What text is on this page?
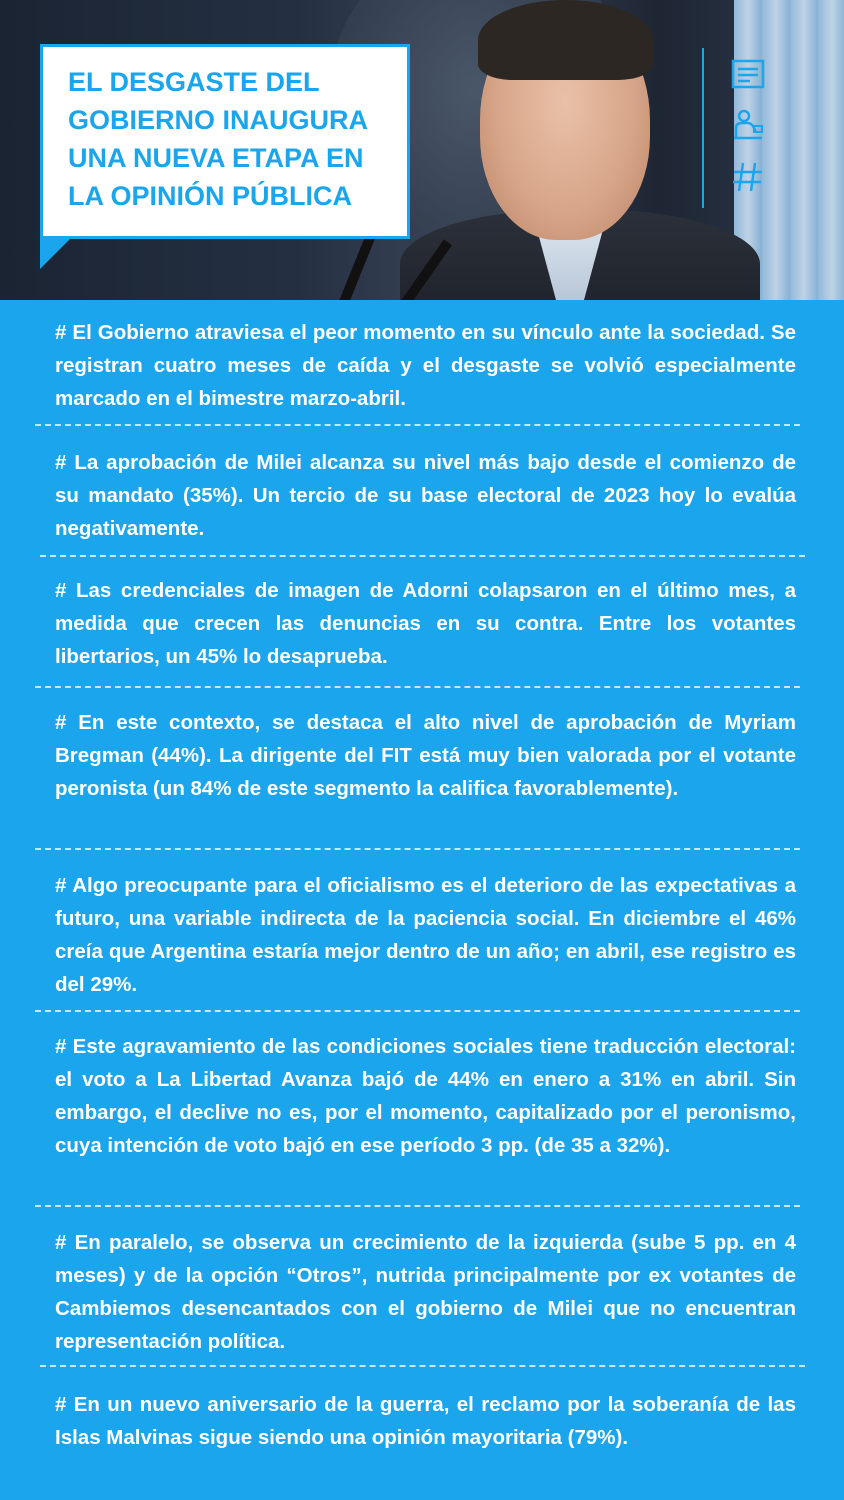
EL DESGASTE DEL
GOBIERNO INAUGURA
UNA NUEVA ETAPA EN
LA OPINIÓN PÚBLICA

# El Gobierno atraviesa el peor momento en su vínculo ante la sociedad. Se registran cuatro meses de caída y el desgaste se volvió especialmente marcado en el bimestre marzo-abril.

# La aprobación de Milei alcanza su nivel más bajo desde el comienzo de su mandato (35%). Un tercio de su base electoral de 2023 hoy lo evalúa negativamente.

# Las credenciales de imagen de Adorni colapsaron en el último mes, a medida que crecen las denuncias en su contra. Entre los votantes libertarios, un 45% lo desaprueba.

# En este contexto, se destaca el alto nivel de aprobación de Myriam Bregman (44%). La dirigente del FIT está muy bien valorada por el votante peronista (un 84% de este segmento la califica favorablemente).

# Algo preocupante para el oficialismo es el deterioro de las expectativas a futuro, una variable indirecta de la paciencia social. En diciembre el 46% creía que Argentina estaría mejor dentro de un año; en abril, ese registro es del 29%.

# Este agravamiento de las condiciones sociales tiene traducción electoral: el voto a La Libertad Avanza bajó de 44% en enero a 31% en abril. Sin embargo, el declive no es, por el momento, capitalizado por el peronismo, cuya intención de voto bajó en ese período 3 pp. (de 35 a 32%).

# En paralelo, se observa un crecimiento de la izquierda (sube 5 pp. en 4 meses) y de la opción “Otros”, nutrida principalmente por ex votantes de Cambiemos desencantados con el gobierno de Milei que no encuentran representación política.

# En un nuevo aniversario de la guerra, el reclamo por la soberanía de las Islas Malvinas sigue siendo una opinión mayoritaria (79%).
